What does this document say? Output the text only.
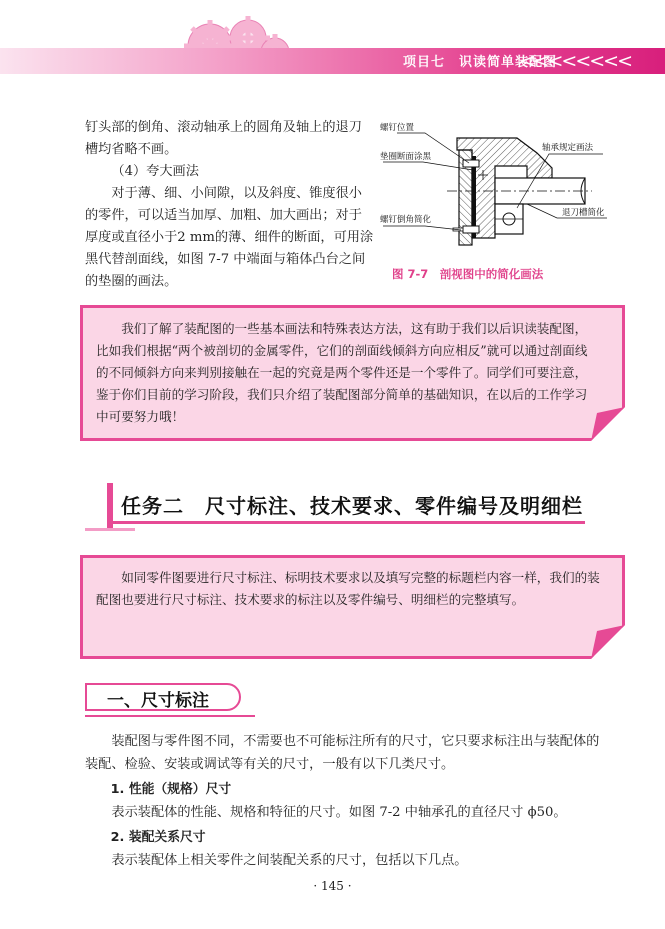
项目七　识读简单装配图
<<<<<<<<

钉头部的倒角、滚动轴承上的圆角及轴上的退刀槽均省略不画。

（4）夸大画法

对于薄、细、小间隙，以及斜度、锥度很小的零件，可以适当加厚、加粗、加大画出；对于厚度或直径小于2 mm的薄、细件的断面，可用涂黑代替剖面线，如图 7-7 中端面与箱体凸台之间的垫圈的画法。

螺钉位置
垫圈断面涂黑
轴承规定画法
退刀槽简化
螺钉倒角简化
图 7-7　剖视图中的简化画法
我们了解了装配图的一些基本画法和特殊表达方法，这有助于我们以后识读装配图，比如我们根据“两个被剖切的金属零件，它们的剖面线倾斜方向应相反”就可以通过剖面线的不同倾斜方向来判别接触在一起的究竟是两个零件还是一个零件了。同学们可要注意，鉴于你们目前的学习阶段，我们只介绍了装配图部分简单的基础知识，在以后的工作学习中可要努力哦！
任务二　尺寸标注、技术要求、零件编号及明细栏
如同零件图要进行尺寸标注、标明技术要求以及填写完整的标题栏内容一样，我们的装配图也要进行尺寸标注、技术要求的标注以及零件编号、明细栏的完整填写。
一、尺寸标注

装配图与零件图不同，不需要也不可能标注所有的尺寸，它只要求标注出与装配体的装配、检验、安装或调试等有关的尺寸，一般有以下几类尺寸。

1. 性能（规格）尺寸

表示装配体的性能、规格和特征的尺寸。如图 7-2 中轴承孔的直径尺寸 ϕ50。

2. 装配关系尺寸

表示装配体上相关零件之间装配关系的尺寸，包括以下几点。

· 145 ·
